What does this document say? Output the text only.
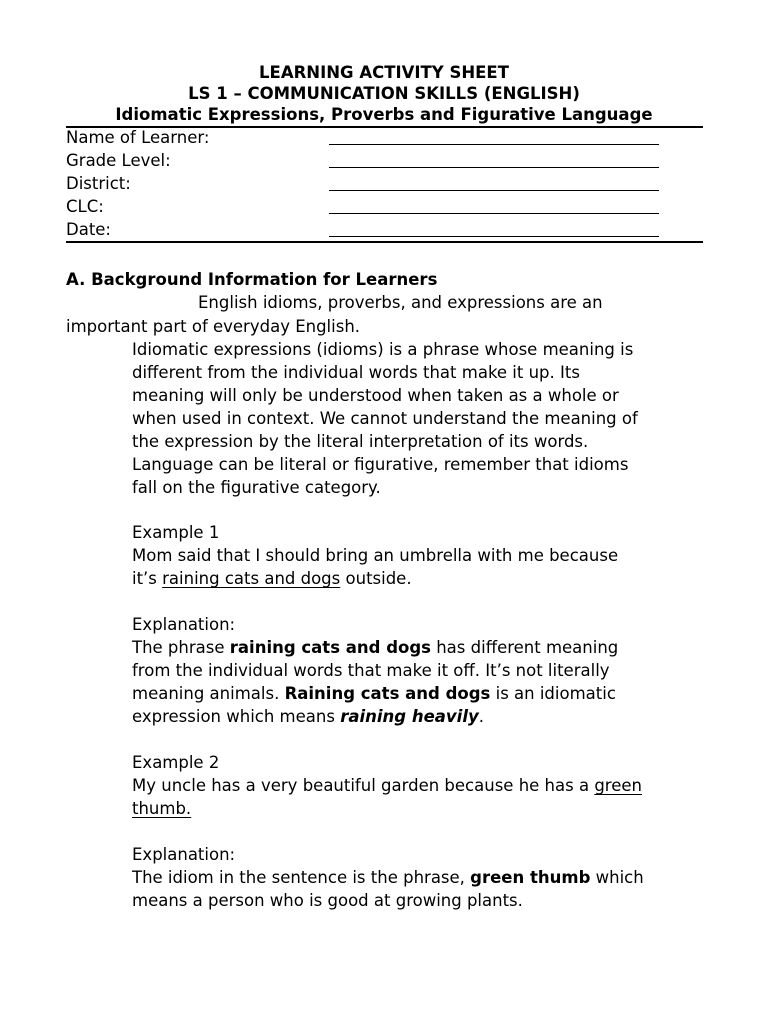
LEARNING ACTIVITY SHEET
LS 1 – COMMUNICATION SKILLS (ENGLISH)
Idiomatic Expressions, Proverbs and Figurative Language
Name of Learner:
Grade Level:
District:
CLC:
Date:
A. Background Information for Learners
English idioms, proverbs, and expressions are an
important part of everyday English.
Idiomatic expressions (idioms) is a phrase whose meaning is
different from the individual words that make it up. Its
meaning will only be understood when taken as a whole or
when used in context. We cannot understand the meaning of
the expression by the literal interpretation of its words.
Language can be literal or figurative, remember that idioms
fall on the figurative category.
Example 1
Mom said that I should bring an umbrella with me because
it’s raining cats and dogs outside.
Explanation:
The phrase raining cats and dogs has different meaning
from the individual words that make it off. It’s not literally
meaning animals. Raining cats and dogs is an idiomatic
expression which means raining heavily.
Example 2
My uncle has a very beautiful garden because he has a green
thumb.
Explanation:
The idiom in the sentence is the phrase, green thumb which
means a person who is good at growing plants.
